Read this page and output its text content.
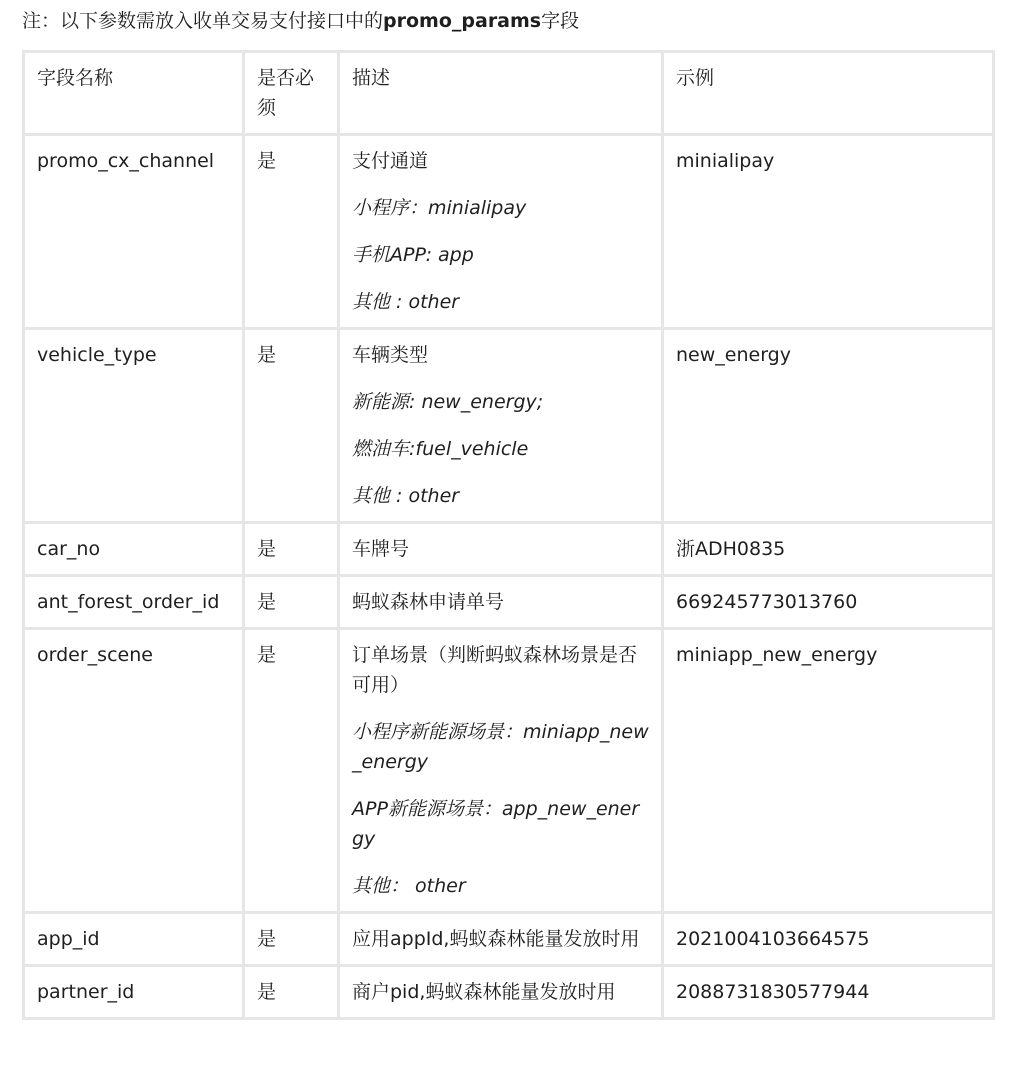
注：以下参数需放入收单交易支付接口中的promo_params字段
字段名称	是否必须	描述	示例
promo_cx_channel	是	支付通道
小程序：minialipay
手机APP: app
其他 : other	minialipay
vehicle_type	是	车辆类型
新能源: new_energy;
燃油车:fuel_vehicle
其他 : other	new_energy
car_no	是	车牌号	浙ADH0835
ant_forest_order_id	是	蚂蚁森林申请单号	669245773013760
order_scene	是	订单场景（判断蚂蚁森林场景是否可用）
小程序新能源场景：miniapp_new_energy
APP新能源场景：app_new_energy
其他： other	miniapp_new_energy
app_id	是	应用appId,蚂蚁森林能量发放时用	2021004103664575
partner_id	是	商户pid,蚂蚁森林能量发放时用	2088731830577944
